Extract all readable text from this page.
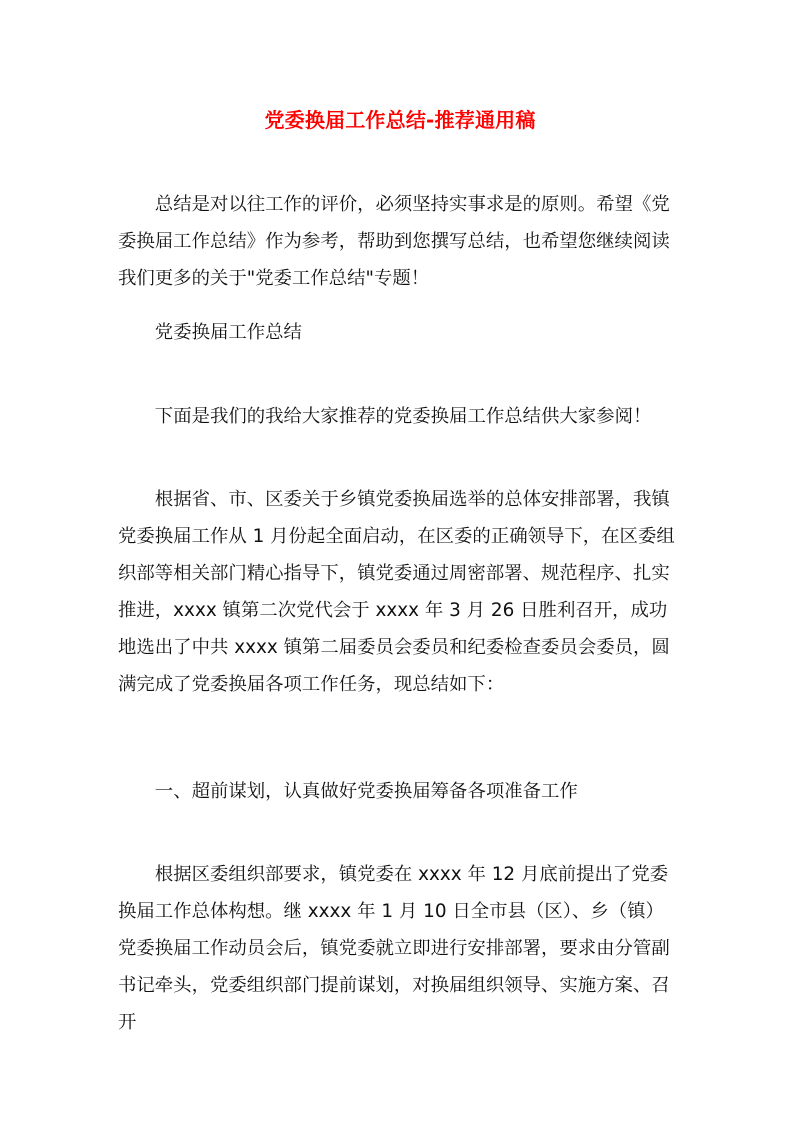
党委换届工作总结-推荐通用稿
总结是对以往工作的评价，必须坚持实事求是的原则。希望《党委换届工作总结》作为参考，帮助到您撰写总结，也希望您继续阅读我们更多的关于"党委工作总结"专题！
党委换届工作总结
下面是我们的我给大家推荐的党委换届工作总结供大家参阅！
根据省、市、区委关于乡镇党委换届选举的总体安排部署，我镇党委换届工作从 1 月份起全面启动，在区委的正确领导下，在区委组织部等相关部门精心指导下，镇党委通过周密部署、规范程序、扎实推进，xxxx 镇第二次党代会于 xxxx 年 3 月 26 日胜利召开，成功地选出了中共 xxxx 镇第二届委员会委员和纪委检查委员会委员，圆满完成了党委换届各项工作任务，现总结如下：
一、超前谋划，认真做好党委换届筹备各项准备工作
根据区委组织部要求，镇党委在 xxxx 年 12 月底前提出了党委换届工作总体构想。继 xxxx 年 1 月 10 日全市县（区）、乡（镇）党委换届工作动员会后，镇党委就立即进行安排部署，要求由分管副书记牵头，党委组织部门提前谋划，对换届组织领导、实施方案、召开
